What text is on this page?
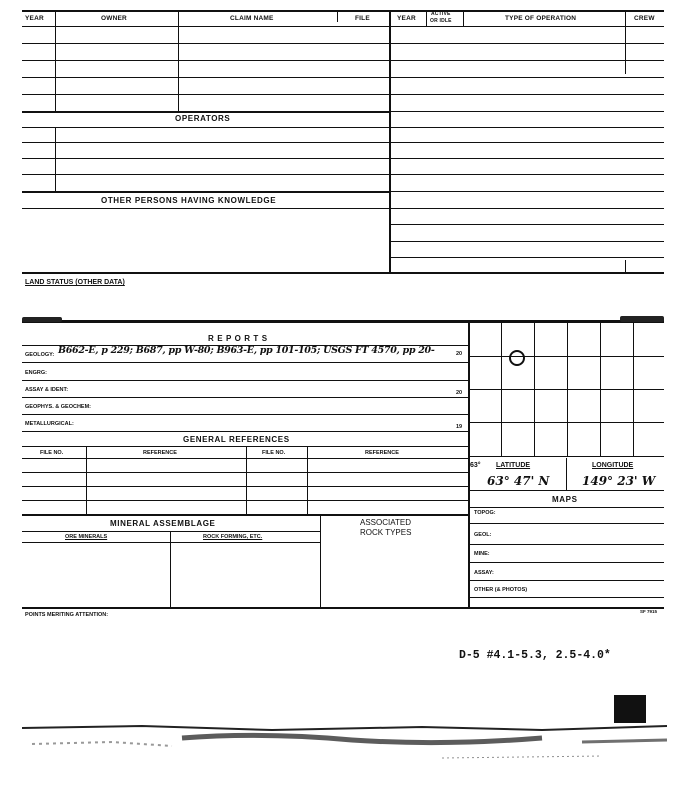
YEAR	OWNER	CLAIM NAME	FILE	YEAR
ACTIVE
OR IDLE	TYPE OF OPERATION	CREW
OPERATORS
OTHER PERSONS HAVING KNOWLEDGE
LAND STATUS (OTHER DATA)
R E P O R T S
GEOLOGY: B662-E, p 229; B687, pp W-80; B963-E, pp 101-105; USGS FT 4570, pp 20-	20
ENGRG:
ASSAY & IDENT:	20
GEOPHYS. & GEOCHEM:
METALLURGICAL:	19
GENERAL REFERENCES
FILE NO.	REFERENCE	FILE NO.	REFERENCE
MINERAL ASSEMBLAGE	ASSOCIATED
ROCK TYPES
ORE MINERALS	ROCK FORMING, ETC.
63° LATITUDE	LONGITUDE
63° 47' N	149° 23' W
MAPS
TOPOG:
GEOL:
MINE:
ASSAY:
OTHER (& PHOTOS)
POINTS MERITING ATTENTION:
SF 7915
D-5 #4.1-5.3, 2.5-4.0*
